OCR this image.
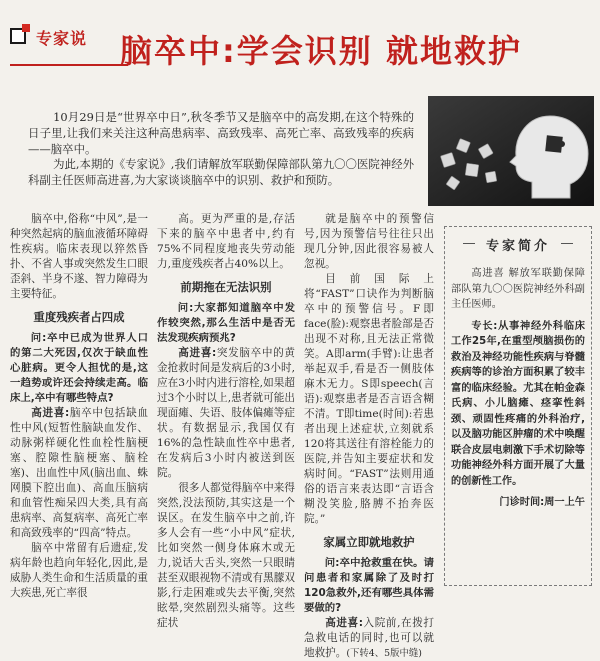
专家说 脑卒中:学会识别 就地救护

10月29日是“世界卒中日”,秋冬季节又是脑卒中的高发期,在这个特殊的日子里,让我们来关注这种高患病率、高致残率、高死亡率、高致残率的疾病——脑卒中。

为此,本期的《专家说》,我们请解放军联勤保障部队第九〇〇医院神经外科副主任医师高进喜,为大家谈谈脑卒中的识别、救护和预防。

脑卒中,俗称“中风”,是一种突然起病的脑血液循环障碍性疾病。临床表现以猝然昏扑、不省人事或突然发生口眼歪斜、半身不遂、智力障碍为主要特征。

重度残疾者占四成

问:卒中已成为世界人口的第二大死因,仅次于缺血性心脏病。更令人担忧的是,这一趋势或许还会持续走高。临床上,卒中有哪些特点?

高进喜:脑卒中包括缺血性中风(短暂性脑缺血发作、动脉粥样硬化性血栓性脑梗塞、腔隙性脑梗塞、脑栓塞)、出血性中风(脑出血、蛛网膜下腔出血)、高血压脑病和血管性痴呆四大类,具有高患病率、高复病率、高死亡率和高致残率的“四高”特点。

脑卒中常留有后遗症,发病年龄也趋向年轻化,因此,是威胁人类生命和生活质量的重大疾患,死亡率很

高。更为严重的是,存活下来的脑卒中患者中,约有75%不同程度地丧失劳动能力,重度残疾者占40%以上。

前期拖在无法识别

问:大家都知道脑卒中发作较突然,那么生活中是否无法发现疾病预兆?

高进喜:突发脑卒中的黄金抢救时间是发病后的3小时,应在3小时内进行溶栓,如果超过3个小时以上,患者就可能出现面瘫、失语、肢体偏瘫等症状。有数据显示,我国仅有16%的急性缺血性卒中患者,在发病后3小时内被送到医院。

很多人都觉得脑卒中来得突然,没法预防,其实这是一个误区。在发生脑卒中之前,许多人会有一些“小中风”症状,比如突然一侧身体麻木或无力,说话大舌头,突然一只眼睛甚至双眼视物不清或有黑朦双影,行走困难或失去平衡,突然眩晕,突然剧烈头痛等。这些症状

就是脑卒中的预警信号,因为预警信号往往只出现几分钟,因此很容易被人忽视。

目前国际上将“FAST”口诀作为判断脑卒中的预警信号。F即face(脸):观察患者脸部是否出现不对称,且无法正常微笑。A即arm(手臂):让患者举起双手,看是否一侧肢体麻木无力。S即speech(言语):观察患者是否言语含糊不清。T即time(时间):若患者出现上述症状,立刻就系120将其送往有溶栓能力的医院,并告知主要症状和发病时间。“FAST”法则用通俗的语言来表达即“言语含糊没笑脸,胳膊不抬奔医院。”

家属立即就地救护

问:卒中抢救重在快。请问患者和家属除了及时打120急救外,还有哪些具体需要做的?

高进喜:入院前,在拨打急救电话的同时,也可以就地救护。(下转4、5版中缝)

专家简介

高进喜 解放军联勤保障部队第九〇〇医院神经外科副主任医师。

专长:从事神经外科临床工作25年,在重型颅脑损伤的救治及神经功能性疾病与脊髓疾病等的诊治方面积累了较丰富的临床经验。尤其在帕金森氏病、小儿脑瘫、痉挛性斜颈、顽固性疼痛的外科治疗,以及脑功能区肿瘤的术中唤醒联合皮层电刺激下手术切除等功能神经外科方面开展了大量的创新性工作。

门诊时间:周一上午
